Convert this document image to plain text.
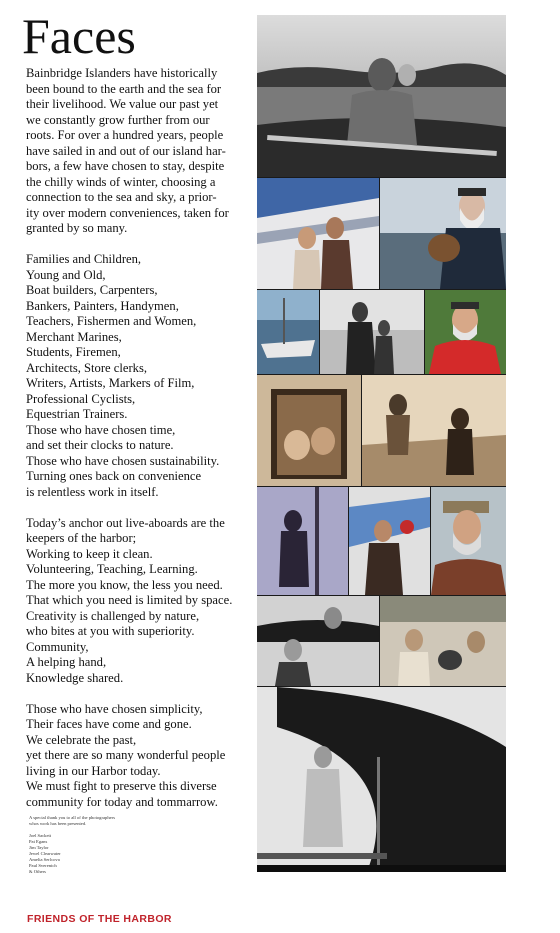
Faces
Bainbridge Islanders have historically
been bound to the earth and the sea for
their livelihood. We value our past yet
we constantly grow further from our
roots. For over a hundred years, people
have sailed in and out of our island har-
bors, a few have chosen to stay, despite
the chilly winds of winter, choosing a
connection to the sea and sky, a prior-
ity over modern conveniences, taken for
granted by so many.
Families and Children,
Young and Old,
Boat builders, Carpenters,
Bankers, Painters, Handymen,
Teachers, Fishermen and Women,
Merchant Marines,
Students, Firemen,
Architects, Store clerks,
Writers, Artists, Markers of Film,
Professional Cyclists,
Equestrian Trainers.
Those who have chosen time,
and set their clocks to nature.
Those who have chosen sustainability.
Turning ones back on convenience
is relentless work in itself.
Today’s anchor out live-aboards are the
keepers of the harbor;
Working to keep it clean.
Volunteering, Teaching, Learning.
The more you know, the less you need.
That which you need is limited by space.
Creativity is challenged by nature,
who bites at you with superiority.
Community,
A helping hand,
Knowledge shared.
Those who have chosen simplicity,
Their faces have come and gone.
We celebrate the past,
yet there are so many wonderful people
living in our Harbor today.
We must fight to preserve this diverse
community for today and tommarrow.
A special thank you to all of the photographers
whos work has been presented.

Joel Sackett
Pat Egans
Jim Taylor
Jewel Clearwater
Amelia Serlcova
Paul Sverenich
& Others
FRIENDS OF THE HARBOR
